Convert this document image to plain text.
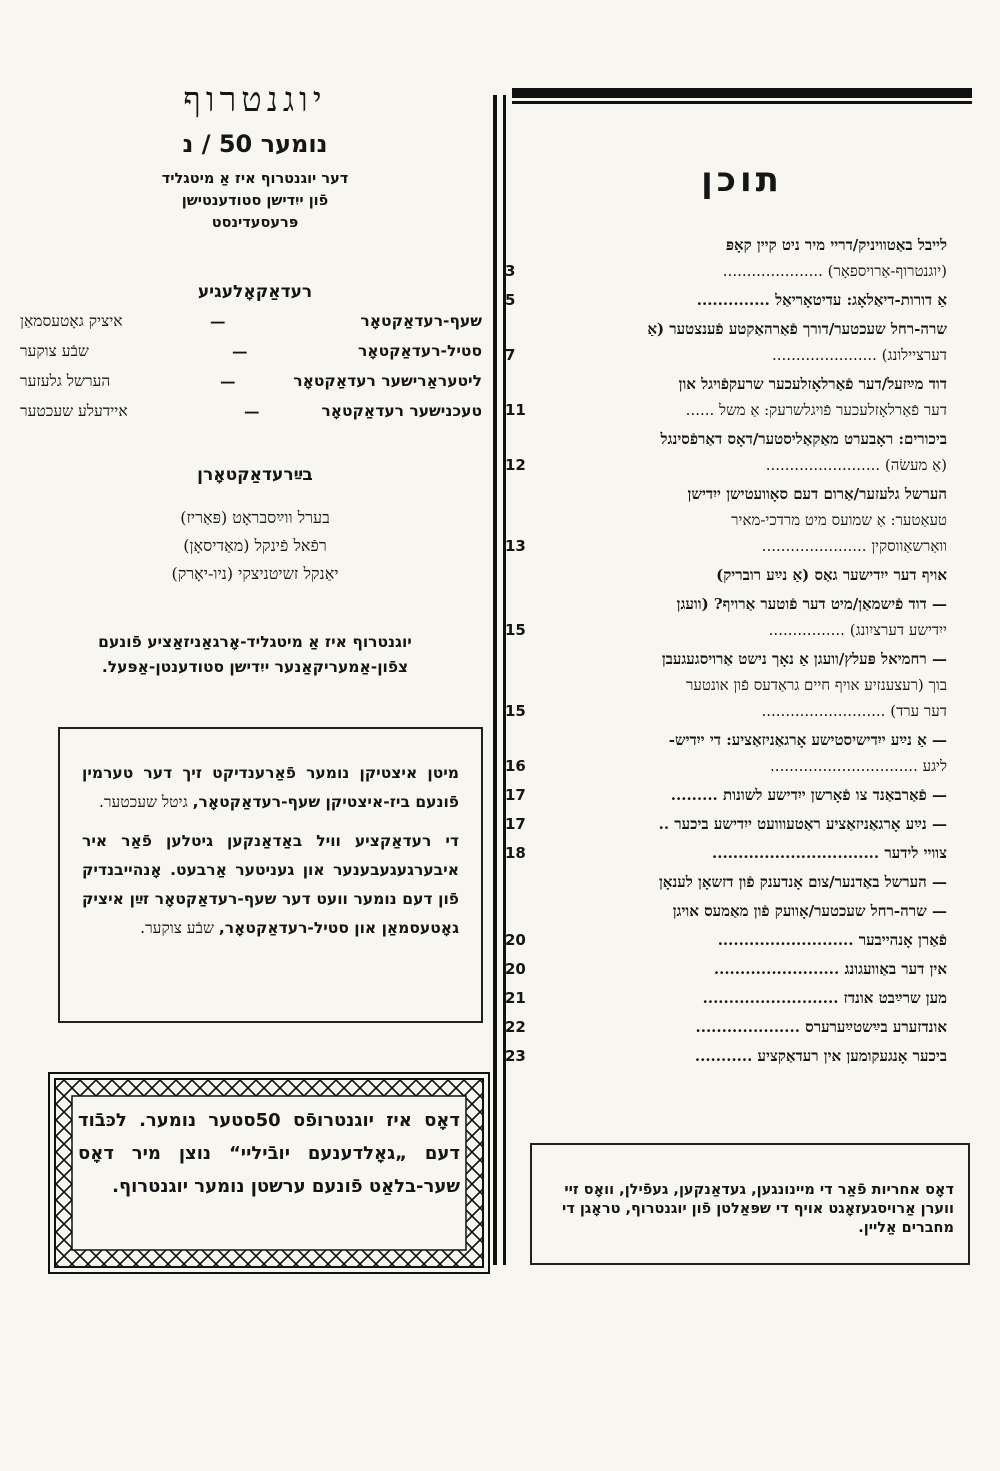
תוכן
לייבל באַטוויניק/דריי מיר ניט קיין קאָפּ
(יוגנטרוף-אַרויספאָר) .....................
3
אַ דורות-דיאַלאָג: עדיטאָריאַל ..............
5
שרה-רחל שעכטער/דורך פֿאַרהאַקטע פֿענצטער (אַ
דערציילונג) ......................
7
דוד מײַזעל/דער פֿאַרלאָזלעכער שרעקפֿויגל און
דער פֿאַרלאָזלעכער פֿויגלשרעק: אַ משל ......
11
ביכורים: ראָבערט מאַקאַליסטער/דאָס דאַרפֿסינגל
(אַ מעשׂה) ........................
12
הערשל גלעזער/אַרום דעם סאָוועטישן ייִדישן
טעאַטער: אַ שמועס מיט מרדכי-מאיר
וואַרשאַווסקין ......................
13
אויף דער ייִדישער גאַס (אַ נײַע רובריק)
— דוד פֿישמאַן/מיט דער פֿוטער אַרויף? (וועגן
ייִדישע דערציִונג) ................
15
— רחמיאל פּעלץ/וועגן אַ נאָך נישט אַרויסגעגעבן
בוך (רעצענזיע אויף חיים גראַדעס פֿון אונטער
דער ערד) ..........................
15
— אַ נײַע ייִדישיסטישע אָרגאַניזאַציע: די ייִדיש-
ליגע ...............................
16
— פֿאַרבאַנד צו פֿאָרשן ייִדישע לשונות .........
17
— נײַע אָרגאַניזאַציע ראַטעווועט ייִדישע ביכער ..
17
צוויי לידער ................................
18
— הערשל באַדנער/צום אָנדענק פֿון דזשאָן לענאָן
— שרה-רחל שעכטער/אָוועק פֿון מאַמעס אויגן
פֿאַרן אָנהייבער ..........................
20
אין דער באַוועגונג ........................
20
מען שרײַבט אונדז ..........................
21
אונדזערע בײַשטײַערערס ....................
22
ביכער אָנגעקומען אין רעדאַקציע ...........
23
דאָס אחריות פֿאַר די מיינונגען, געדאַנקען, געפֿילן, וואָס זיי ווערן אַרויסגעזאָגט אויף די שפּאַלטן פֿון יוגנטרוף, טראָגן די מחברים אַליין.
יוגנטרוף
נומער 50 / נ
דער יוגנטרוף איז אַ מיטגליד
פֿון ייִדישן סטודענטישן
פּרעסעדינסט
רעדאַקאָלעגיע
שעף-רעדאַקטאָר
—
איציק גאָטעסמאַן
סטיל-רעדאַקטאָר
—
שבֿע צוקער
ליטעראַרישער רעדאַקטאָר
—
הערשל גלעזער
טעכנישער רעדאַקטאָר
—
איידעלע שעכטער
בײַרעדאַקטאָרן
בערל ווײַסבראָט (פּאַריז)
רפֿאל פֿינקל (מאַדיסאָן)
יאַנקל זשיטניצקי (ניו-יאָרק)
יוגנטרוף איז אַ מיטגליד-אָרגאַניזאַציע פֿונעם
צפֿון-אַמעריקאַנער ייִדישן סטודענטן-אַפּעל.

מיטן איצטיקן נומער פֿאַרענדיקט זיך דער טערמין פֿונעם ביז-איצטיקן שעף-רעדאַקטאָר, גיטל שעכטער.

די רעדאַקציע וויל באַדאַנקען גיטלען פֿאַר איר איבערגעגעבענער און געניטער אַרבעט. אָנהייבנדיק פֿון דעם נומער וועט דער שעף-רעדאַקטאָר זײַן איציק גאָטעסמאַן און סטיל-רעדאַקטאָר, שבֿע צוקער.

דאָס איז יוגנטרופֿס 50סטער נומער. לכּבֿוד דעם „גאָלדענעם יובֿיליי“ נוצן מיר דאָס שער-בלאַט פֿונעם ערשטן נומער יוגנטרוף.
